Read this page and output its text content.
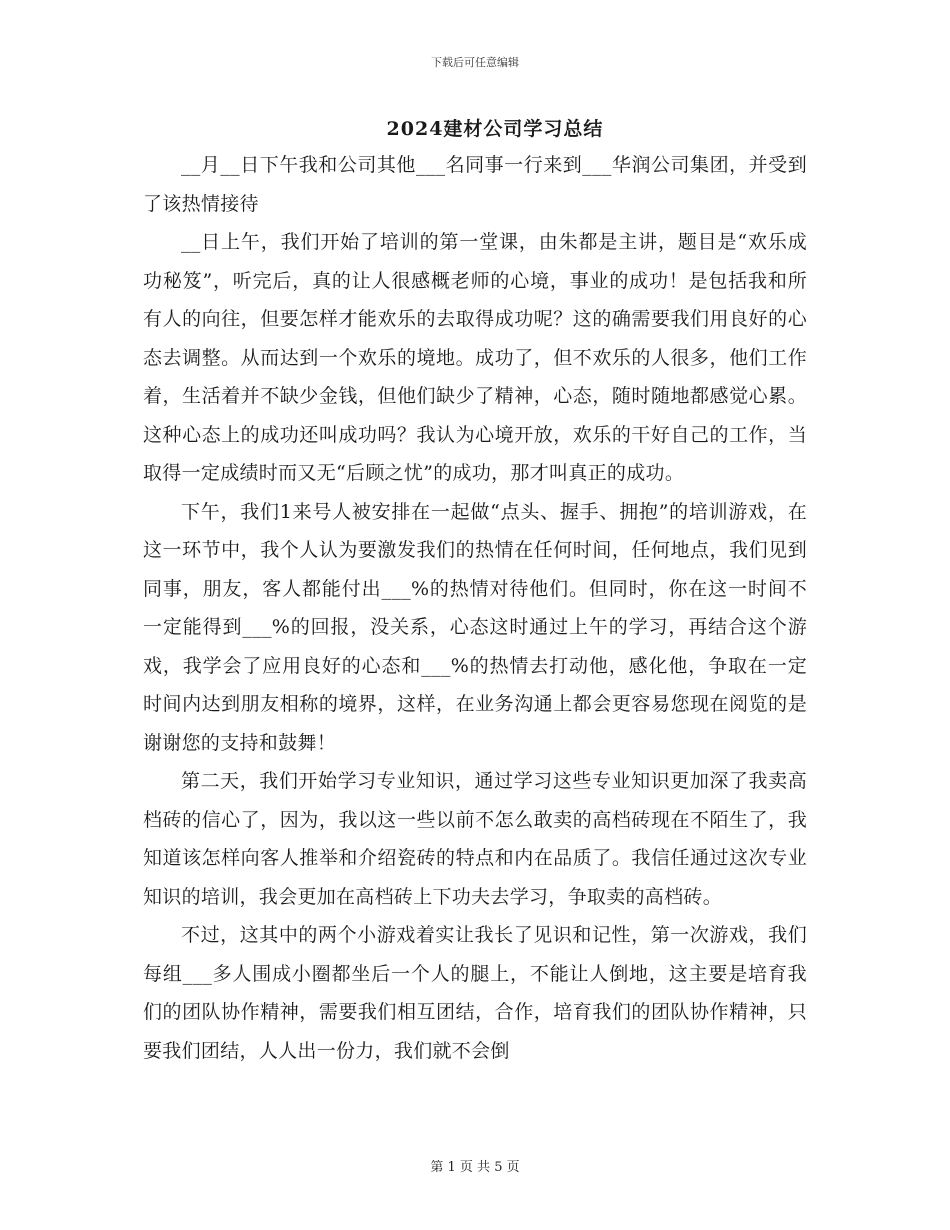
下载后可任意编辑
2024建材公司学习总结

__月__日下午我和公司其他___名同事一行来到___华润公司集团，并受到了该热情接待

__日上午，我们开始了培训的第一堂课，由朱都是主讲，题目是“欢乐成功秘笈”，听完后，真的让人很感概老师的心境，事业的成功！是包括我和所有人的向往，但要怎样才能欢乐的去取得成功呢？这的确需要我们用良好的心态去调整。从而达到一个欢乐的境地。成功了，但不欢乐的人很多，他们工作着，生活着并不缺少金钱，但他们缺少了精神，心态，随时随地都感觉心累。这种心态上的成功还叫成功吗？我认为心境开放，欢乐的干好自己的工作，当取得一定成绩时而又无“后顾之忧”的成功，那才叫真正的成功。

下午，我们1来号人被安排在一起做“点头、握手、拥抱”的培训游戏，在这一环节中，我个人认为要激发我们的热情在任何时间，任何地点，我们见到同事，朋友，客人都能付出___%的热情对待他们。但同时，你在这一时间不一定能得到___%的回报，没关系，心态这时通过上午的学习，再结合这个游戏，我学会了应用良好的心态和___%的热情去打动他，感化他，争取在一定时间内达到朋友相称的境界，这样，在业务沟通上都会更容易您现在阅览的是谢谢您的支持和鼓舞！

第二天，我们开始学习专业知识，通过学习这些专业知识更加深了我卖高档砖的信心了，因为，我以这一些以前不怎么敢卖的高档砖现在不陌生了，我知道该怎样向客人推举和介绍瓷砖的特点和内在品质了。我信任通过这次专业知识的培训，我会更加在高档砖上下功夫去学习，争取卖的高档砖。

不过，这其中的两个小游戏着实让我长了见识和记性，第一次游戏，我们每组___多人围成小圈都坐后一个人的腿上，不能让人倒地，这主要是培育我们的团队协作精神，需要我们相互团结，合作，培育我们的团队协作精神，只要我们团结，人人出一份力，我们就不会倒

第 1 页 共 5 页
